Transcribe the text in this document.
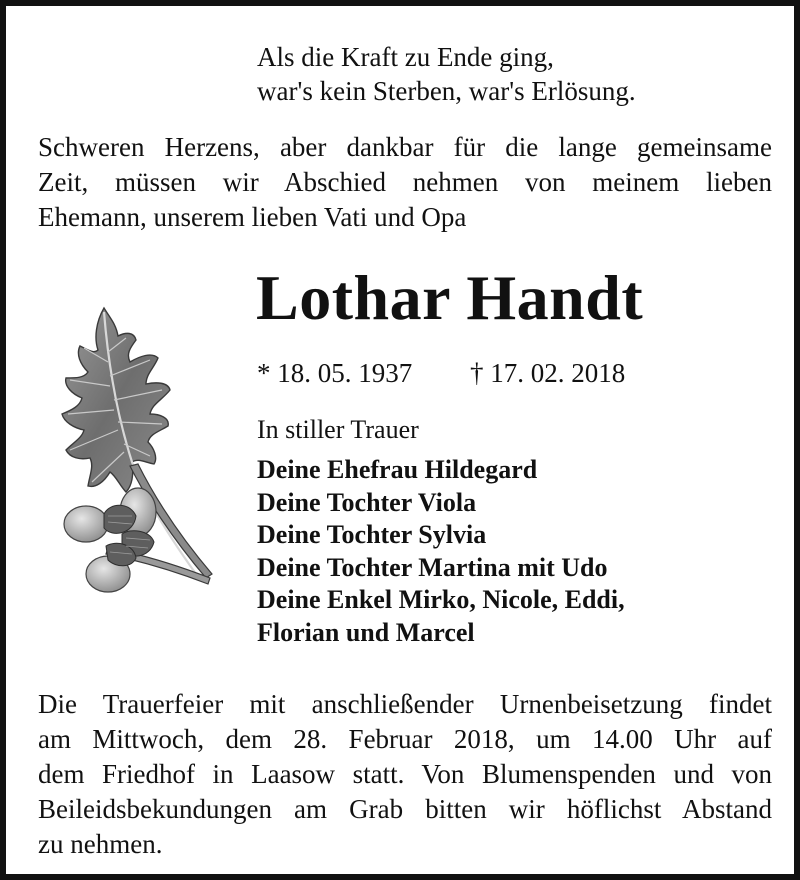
Als die Kraft zu Ende ging,
war's kein Sterben, war's Erlösung.
Schweren Herzens, aber dankbar für die lange gemeinsame
Zeit, müssen wir Abschied nehmen von meinem lieben
Ehemann, unserem lieben Vati und Opa
Lothar Handt
* 18. 05. 1937 † 17. 02. 2018
In stiller Trauer
Deine Ehefrau Hildegard
Deine Tochter Viola
Deine Tochter Sylvia
Deine Tochter Martina mit Udo
Deine Enkel Mirko, Nicole, Eddi,
Florian und Marcel
Die Trauerfeier mit anschließender Urnenbeisetzung findet
am Mittwoch, dem 28. Februar 2018, um 14.00 Uhr auf
dem Friedhof in Laasow statt. Von Blumenspenden und von
Beileidsbekundungen am Grab bitten wir höflichst Abstand
zu nehmen.
